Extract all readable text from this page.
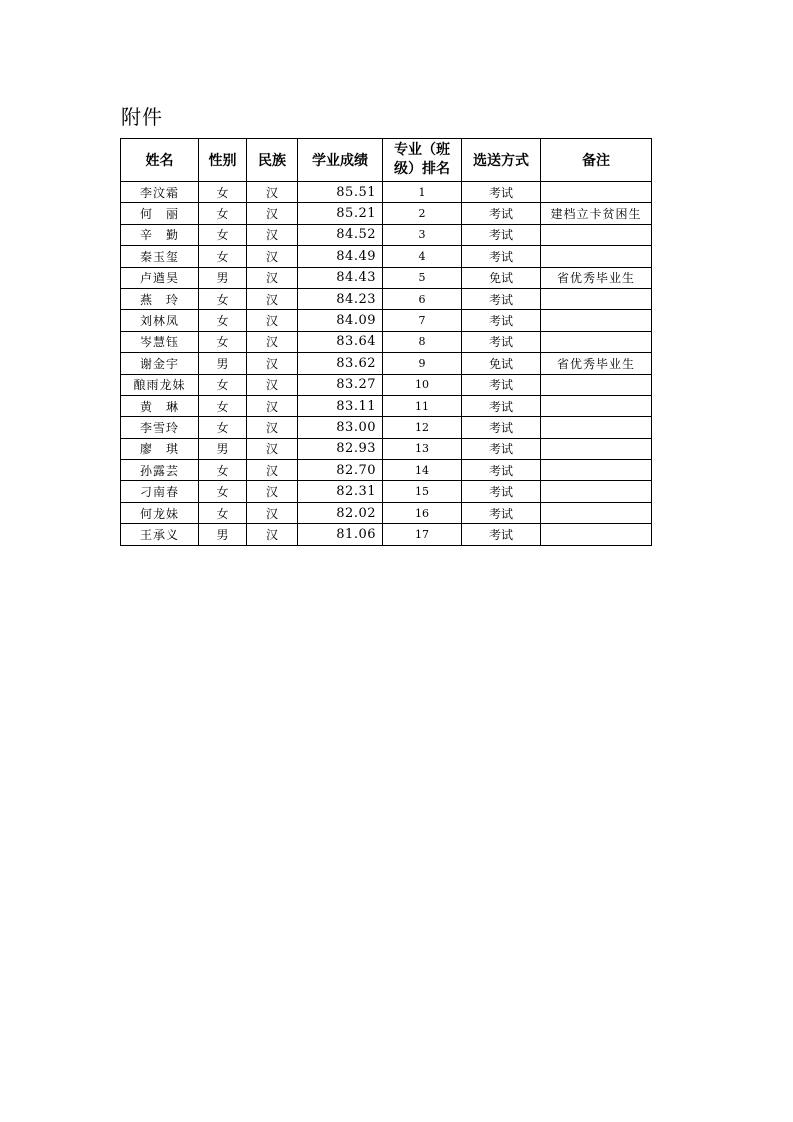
附件
姓名	性别	民族	学业成绩	专业（班级）排名	选送方式	备注
李汶霜	女	汉	85.51	1	考试	
何　丽	女	汉	85.21	2	考试	建档立卡贫困生
辛　勤	女	汉	84.52	3	考试	
秦玉玺	女	汉	84.49	4	考试	
卢遒昊	男	汉	84.43	5	免试	省优秀毕业生
燕　玲	女	汉	84.23	6	考试	
刘林凤	女	汉	84.09	7	考试	
岑慧钰	女	汉	83.64	8	考试	
谢金宇	男	汉	83.62	9	免试	省优秀毕业生
酿雨龙妹	女	汉	83.27	10	考试	
黄　琳	女	汉	83.11	11	考试	
李雪玲	女	汉	83.00	12	考试	
廖　琪	男	汉	82.93	13	考试	
孙露芸	女	汉	82.70	14	考试	
刁南春	女	汉	82.31	15	考试	
何龙妹	女	汉	82.02	16	考试	
王承义	男	汉	81.06	17	考试	
